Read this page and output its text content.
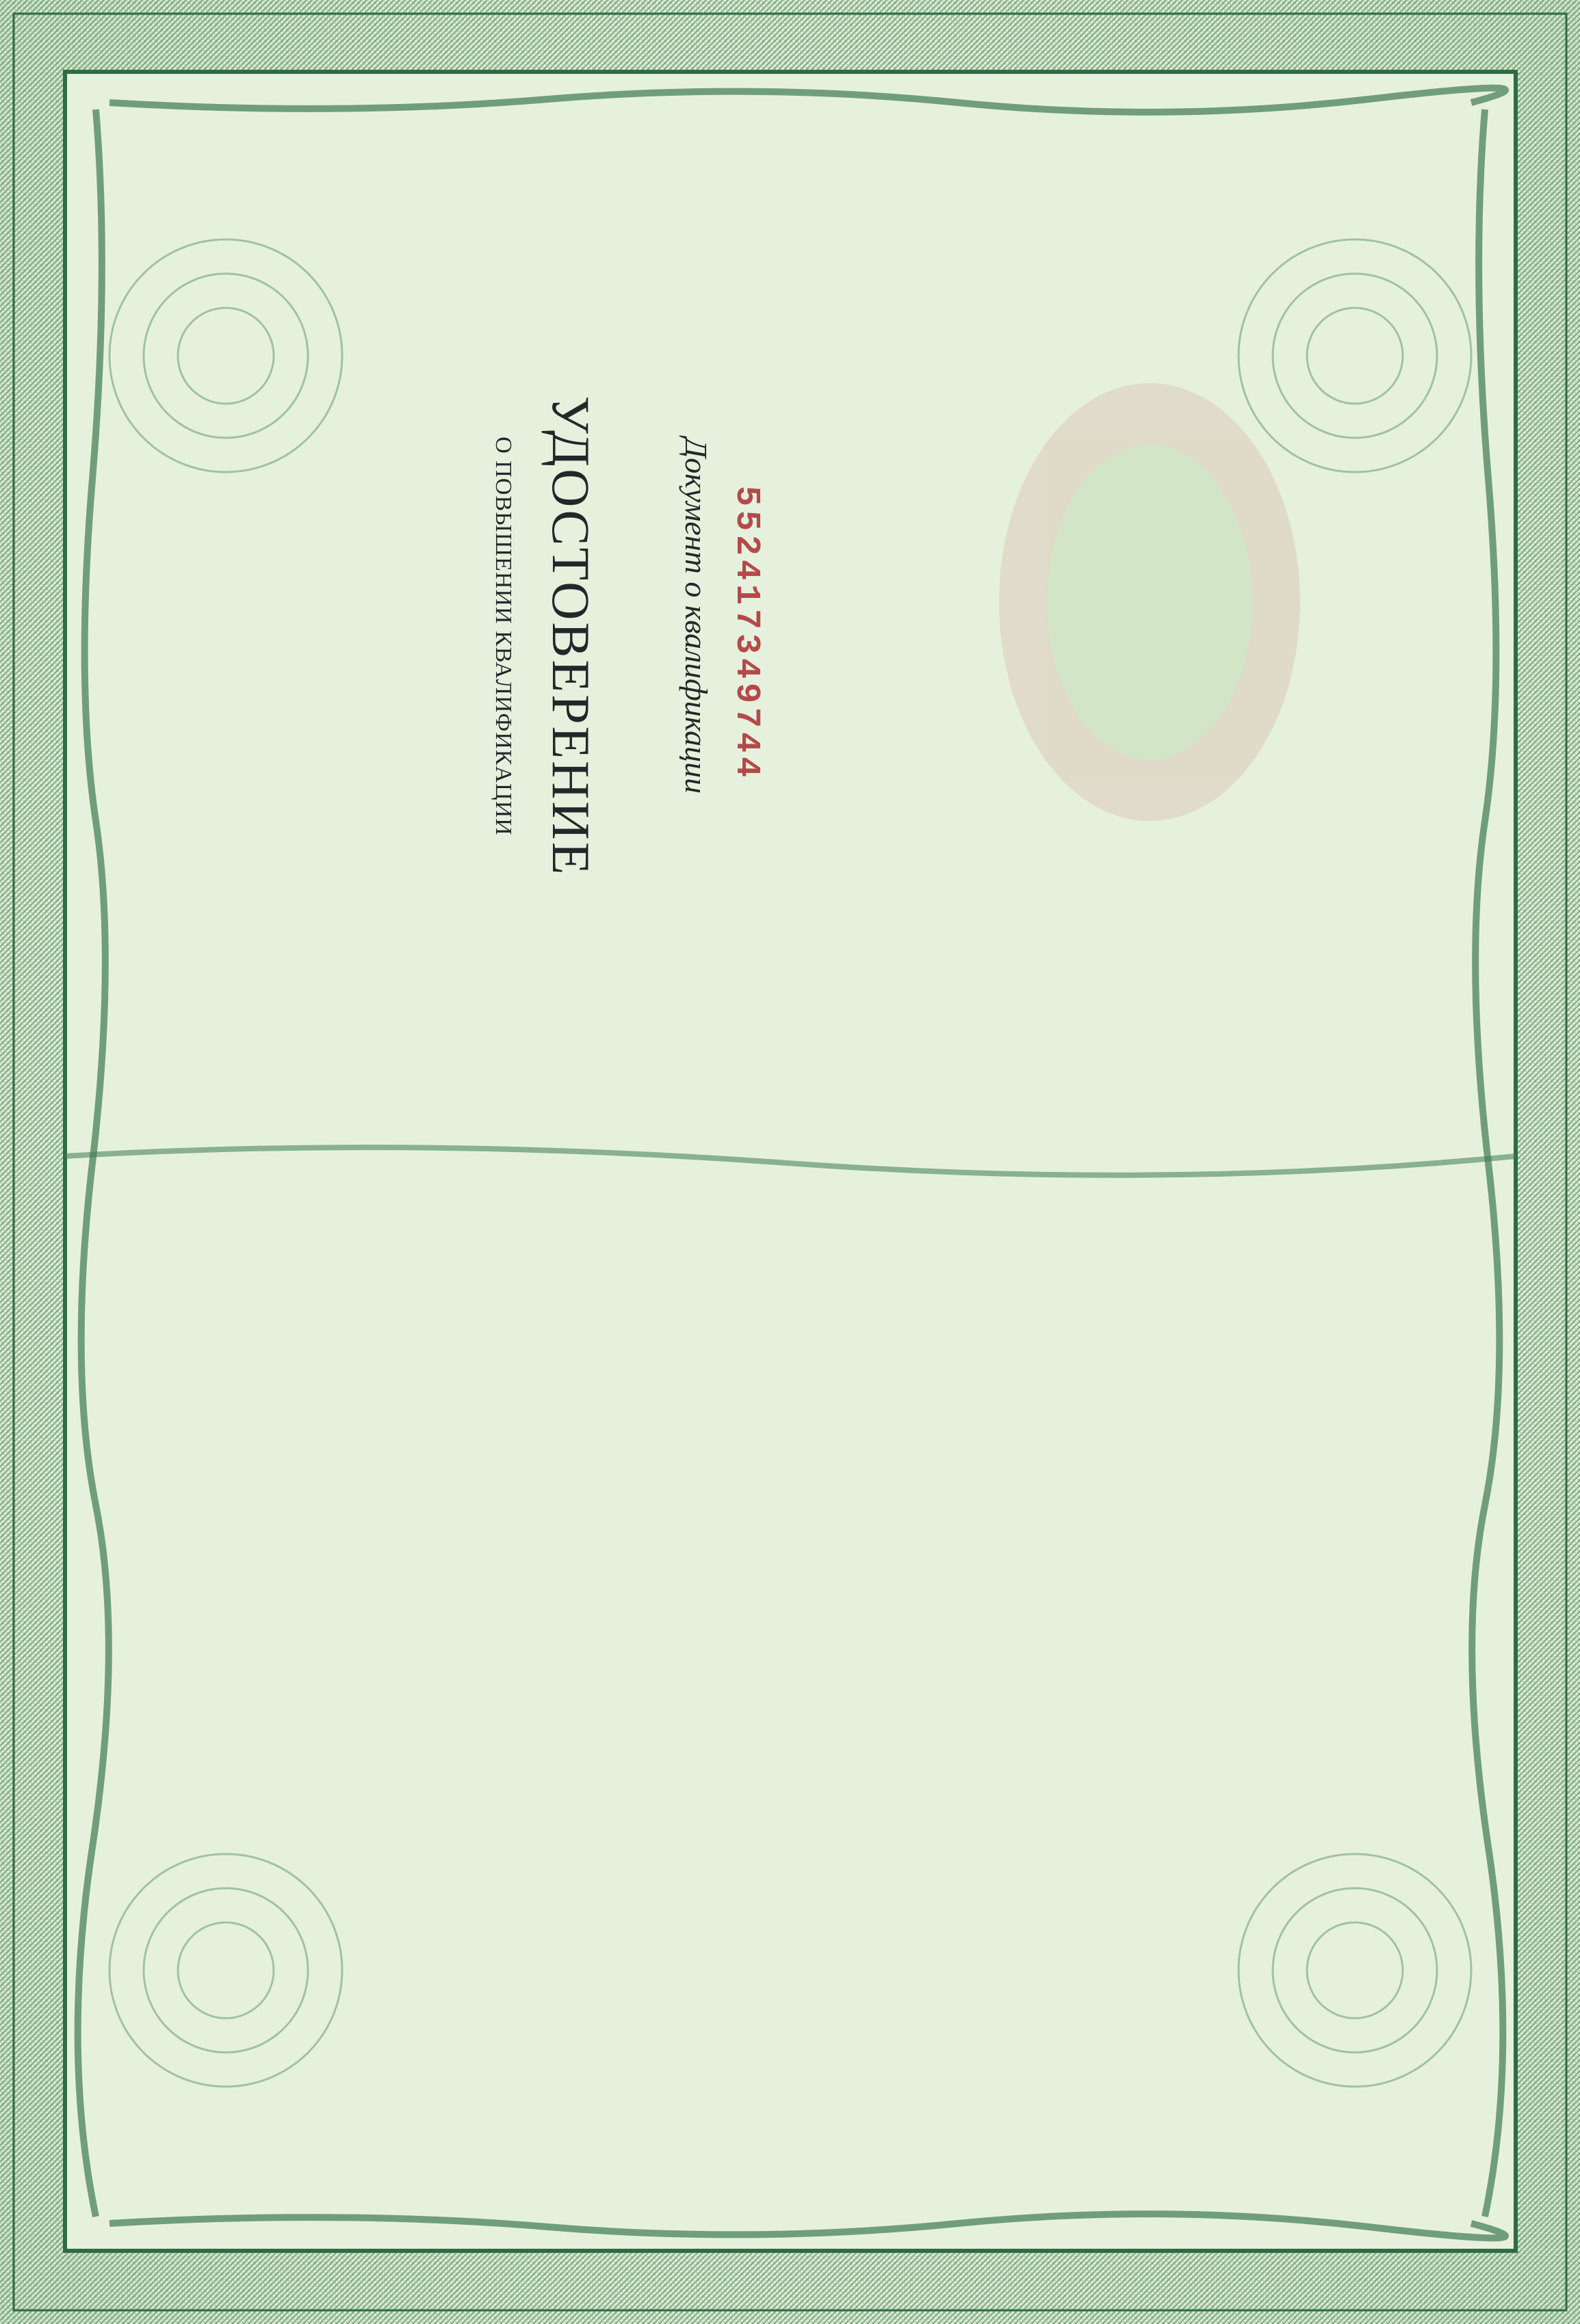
УДОСТОВЕРЕНИЕ
О ПОВЫШЕНИИ КВАЛИФИКАЦИИ	552417349744
Документ о квалификации
